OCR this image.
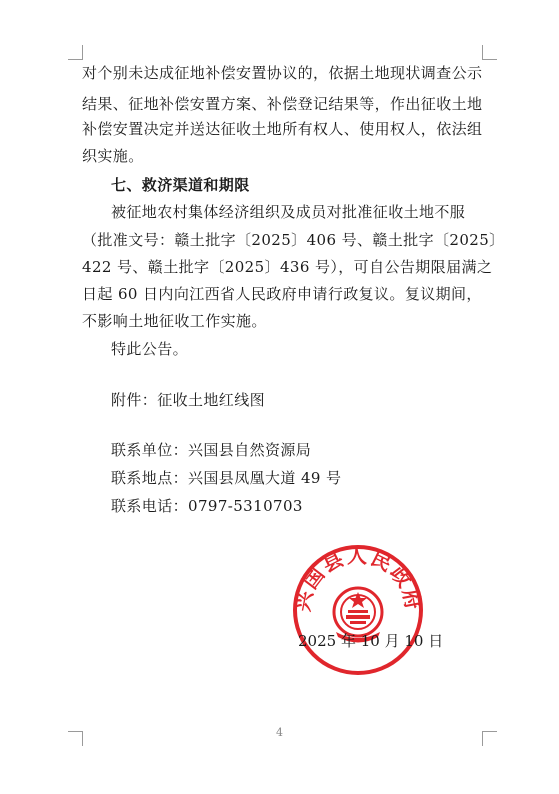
对个别未达成征地补偿安置协议的，依据土地现状调查公示
结果、征地补偿安置方案、补偿登记结果等，作出征收土地
补偿安置决定并送达征收土地所有权人、使用权人，依法组
织实施。
七、救济渠道和期限
被征地农村集体经济组织及成员对批准征收土地不服
（批准文号：赣土批字〔2025〕406 号、赣土批字〔2025〕
422 号、赣土批字〔2025〕436 号），可自公告期限届满之
日起 60 日内向江西省人民政府申请行政复议。复议期间，
不影响土地征收工作实施。
特此公告。
附件：征收土地红线图
联系单位：兴国县自然资源局
联系地点：兴国县凤凰大道 49 号
联系电话：0797-5310703
兴国县人民政府
2025 年 10 月 10 日
4
